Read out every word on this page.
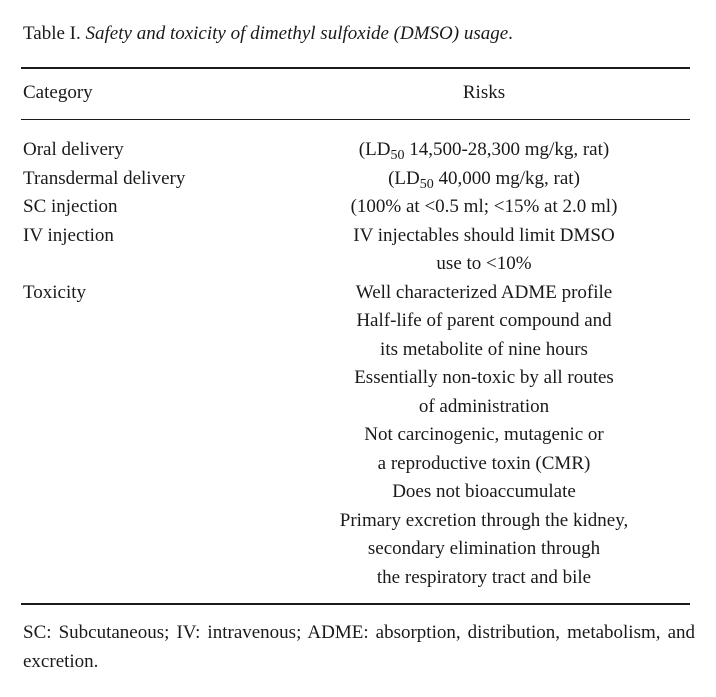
Table I. Safety and toxicity of dimethyl sulfoxide (DMSO) usage.
Category	Risks
Oral delivery	($LD_{50}$ 14,500-28,300 mg/kg, rat)
Transdermal delivery	($LD_{50}$ 40,000 mg/kg, rat)
SC injection	(100% at <0.5 ml; <15% at 2.0 ml)
IV injection	IV injectables should limit DMSO
use to <10%
Toxicity	Well characterized ADME profile
Half-life of parent compound and
its metabolite of nine hours
Essentially non-toxic by all routes
of administration
Not carcinogenic, mutagenic or
a reproductive toxin (CMR)
Does not bioaccumulate
Primary excretion through the kidney,
secondary elimination through
the respiratory tract and bile
SC: Subcutaneous; IV: intravenous; ADME: absorption, distribution, metabolism, and excretion.
